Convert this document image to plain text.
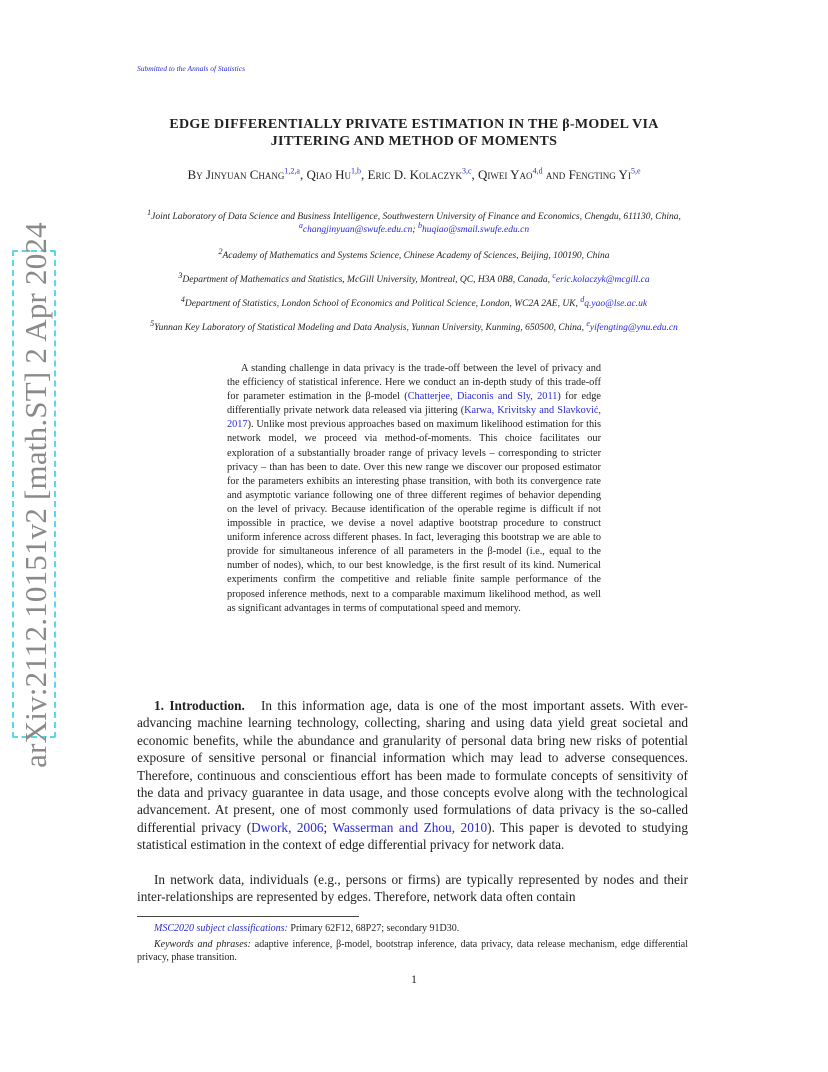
Submitted to the Annals of Statistics
arXiv:2112.10151v2 [math.ST] 2 Apr 2024
EDGE DIFFERENTIALLY PRIVATE ESTIMATION IN THE β-MODEL VIA
JITTERING AND METHOD OF MOMENTS
By Jinyuan Chang$^{1,2,a}$, Qiao Hu$^{1,b}$, Eric D. Kolaczyk$^{3,c}$, Qiwei Yao$^{4,d}$ and Fengting Yi$^{5,e}$
$^1$Joint Laboratory of Data Science and Business Intelligence, Southwestern University of Finance and Economics, Chengdu, 611130, China, $^a$changjinyuan@swufe.edu.cn; $^b$huqiao@smail.swufe.edu.cn
$^2$Academy of Mathematics and Systems Science, Chinese Academy of Sciences, Beijing, 100190, China
$^3$Department of Mathematics and Statistics, McGill University, Montreal, QC, H3A 0B8, Canada, $^c$eric.kolaczyk@mcgill.ca
$^4$Department of Statistics, London School of Economics and Political Science, London, WC2A 2AE, UK, $^d$q.yao@lse.ac.uk
$^5$Yunnan Key Laboratory of Statistical Modeling and Data Analysis, Yunnan University, Kunming, 650500, China, $^e$yifengting@ynu.edu.cn

A standing challenge in data privacy is the trade-off between the level of privacy and the efficiency of statistical inference. Here we conduct an in-depth study of this trade-off for parameter estimation in the β-model (Chatterjee, Diaconis and Sly, 2011) for edge differentially private network data released via jittering (Karwa, Krivitsky and Slavković, 2017). Unlike most previous approaches based on maximum likelihood estimation for this network model, we proceed via method-of-moments. This choice facilitates our exploration of a substantially broader range of privacy levels – corresponding to stricter privacy – than has been to date. Over this new range we discover our proposed estimator for the parameters exhibits an interesting phase transition, with both its convergence rate and asymptotic variance following one of three different regimes of behavior depending on the level of privacy. Because identification of the operable regime is difficult if not impossible in practice, we devise a novel adaptive bootstrap procedure to construct uniform inference across different phases. In fact, leveraging this bootstrap we are able to provide for simultaneous inference of all parameters in the β-model (i.e., equal to the number of nodes), which, to our best knowledge, is the first result of its kind. Numerical experiments confirm the competitive and reliable finite sample performance of the proposed inference methods, next to a comparable maximum likelihood method, as well as significant advantages in terms of computational speed and memory.

1. Introduction. In this information age, data is one of the most important assets. With ever-advancing machine learning technology, collecting, sharing and using data yield great societal and economic benefits, while the abundance and granularity of personal data bring new risks of potential exposure of sensitive personal or financial information which may lead to adverse consequences. Therefore, continuous and conscientious effort has been made to formulate concepts of sensitivity of the data and privacy guarantee in data usage, and those concepts evolve along with the technological advancement. At present, one of most commonly used formulations of data privacy is the so-called differential privacy (Dwork, 2006; Wasserman and Zhou, 2010). This paper is devoted to studying statistical estimation in the context of edge differential privacy for network data.

In network data, individuals (e.g., persons or firms) are typically represented by nodes and their inter-relationships are represented by edges. Therefore, network data often contain

MSC2020 subject classifications: Primary 62F12, 68P27; secondary 91D30.

Keywords and phrases: adaptive inference, β-model, bootstrap inference, data privacy, data release mechanism, edge differential privacy, phase transition.

1
